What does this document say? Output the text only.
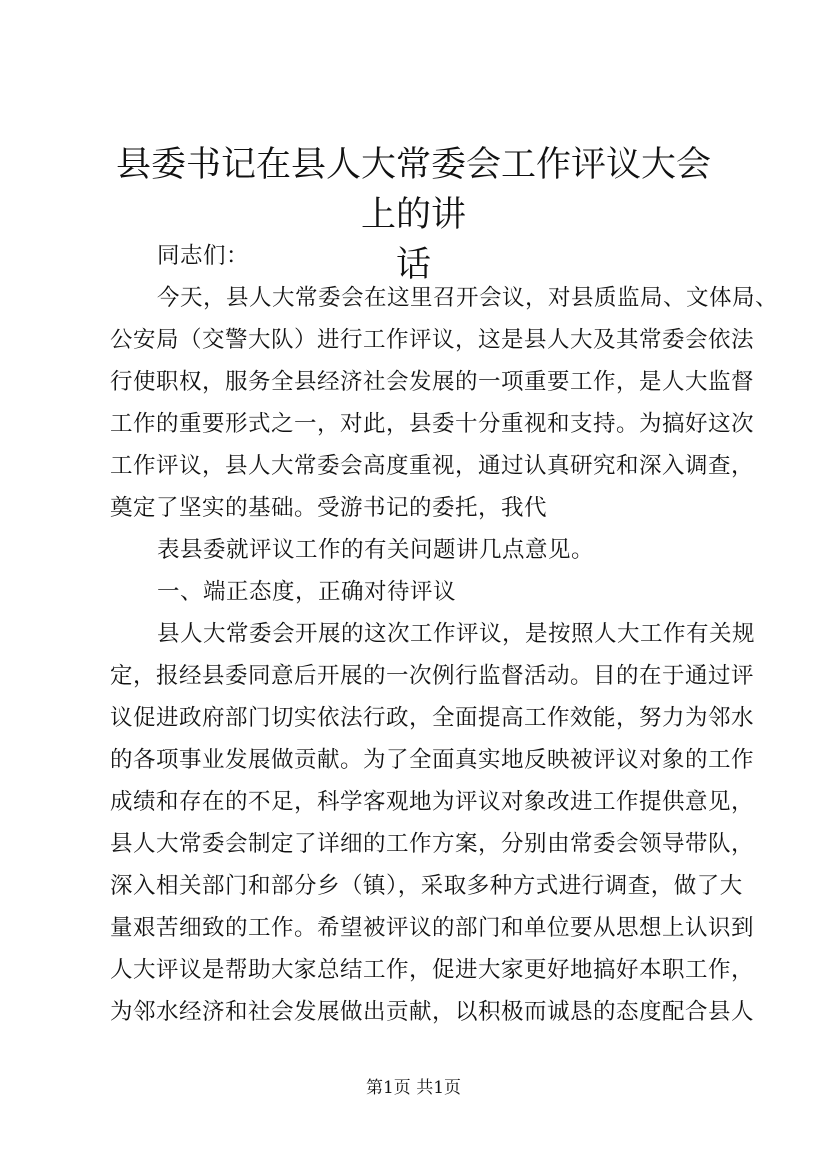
县委书记在县人大常委会工作评议大会上的讲
话
同志们：
今天，县人大常委会在这里召开会议，对县质监局、文体局、
公安局（交警大队）进行工作评议，这是县人大及其常委会依法
行使职权，服务全县经济社会发展的一项重要工作，是人大监督
工作的重要形式之一，对此，县委十分重视和支持。为搞好这次
工作评议，县人大常委会高度重视，通过认真研究和深入调查，
奠定了坚实的基础。受游书记的委托，我代
表县委就评议工作的有关问题讲几点意见。
一、端正态度，正确对待评议
县人大常委会开展的这次工作评议，是按照人大工作有关规
定，报经县委同意后开展的一次例行监督活动。目的在于通过评
议促进政府部门切实依法行政，全面提高工作效能，努力为邻水
的各项事业发展做贡献。为了全面真实地反映被评议对象的工作
成绩和存在的不足，科学客观地为评议对象改进工作提供意见，
县人大常委会制定了详细的工作方案，分别由常委会领导带队，
深入相关部门和部分乡（镇），采取多种方式进行调查，做了大
量艰苦细致的工作。希望被评议的部门和单位要从思想上认识到
人大评议是帮助大家总结工作，促进大家更好地搞好本职工作，
为邻水经济和社会发展做出贡献，以积极而诚恳的态度配合县人
第1页 共1页
